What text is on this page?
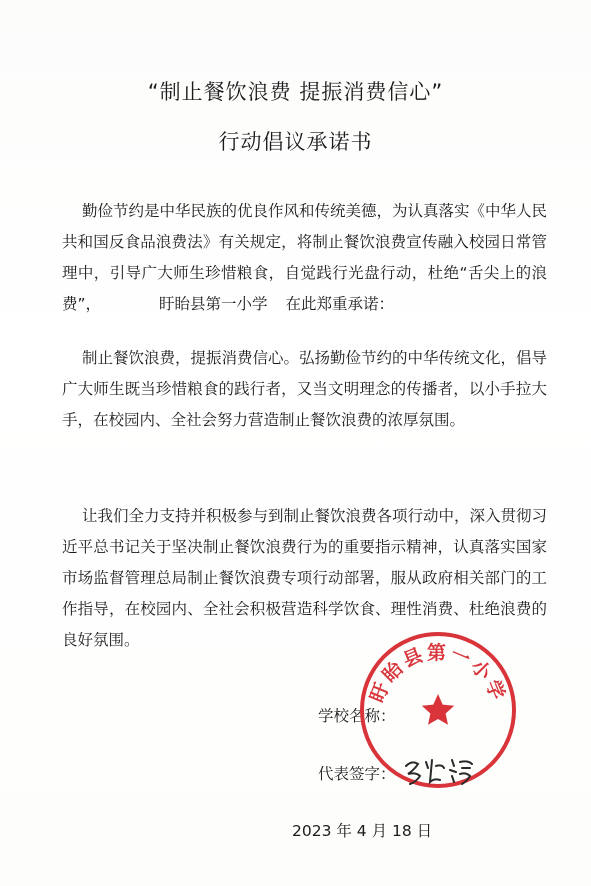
“制止餐饮浪费 提振消费信心”
行动倡议承诺书

勤俭节约是中华民族的优良作风和传统美德，为认真落实《中华人民共和国反食品浪费法》有关规定，将制止餐饮浪费宣传融入校园日常管理中，引导广大师生珍惜粮食，自觉践行光盘行动，杜绝“舌尖上的浪费”，	盱眙县第一小学 在此郑重承诺：

制止餐饮浪费，提振消费信心。弘扬勤俭节约的中华传统文化，倡导广大师生既当珍惜粮食的践行者，又当文明理念的传播者，以小手拉大手，在校园内、全社会努力营造制止餐饮浪费的浓厚氛围。

让我们全力支持并积极参与到制止餐饮浪费各项行动中，深入贯彻习近平总书记关于坚决制止餐饮浪费行为的重要指示精神，认真落实国家市场监督管理总局制止餐饮浪费专项行动部署，服从政府相关部门的工作指导，在校园内、全社会积极营造科学饮食、理性消费、杜绝浪费的良好氛围。

学校名称：
代表签字：
2023 年 4 月 18 日
盱眙县第一小学
